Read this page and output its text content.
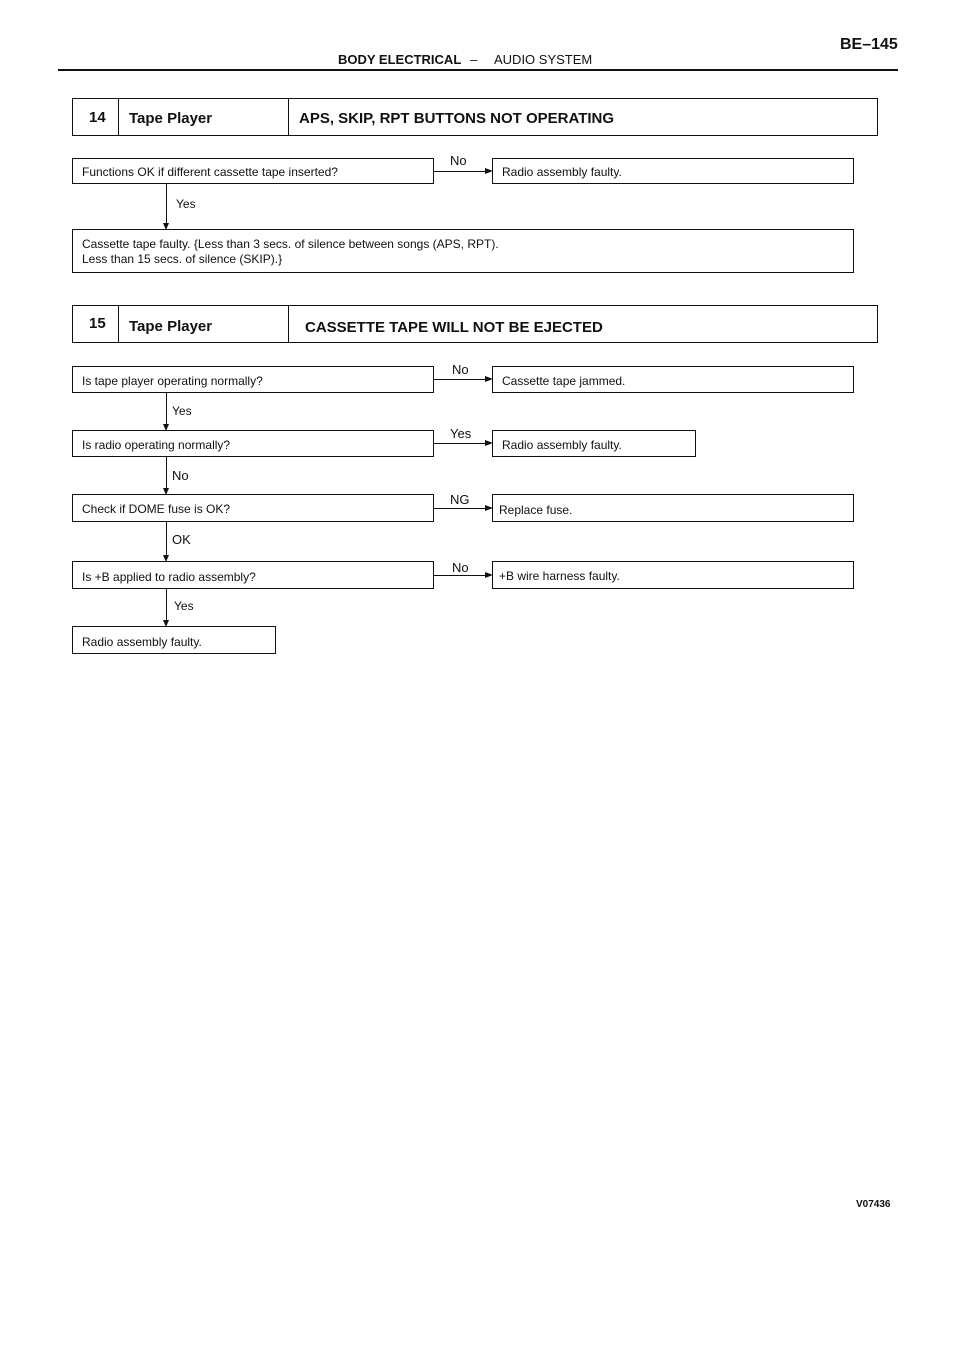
BODY ELECTRICAL – AUDIO SYSTEM
BE–145
14 Tape Player	APS, SKIP, RPT BUTTONS NOT OPERATING
Functions OK if different cassette tape inserted?
No
Radio assembly faulty.
Yes
Cassette tape faulty. {Less than 3 secs. of silence between songs (APS, RPT).
Less than 15 secs. of silence (SKIP).}
15 Tape Player	CASSETTE TAPE WILL NOT BE EJECTED
Is tape player operating normally?
No
Cassette tape jammed.
Yes
Is radio operating normally?
Yes
Radio assembly faulty.
No
Check if DOME fuse is OK?
NG
Replace fuse.
OK
Is +B applied to radio assembly?
No
+B wire harness faulty.
Yes
Radio assembly faulty.
V07436
